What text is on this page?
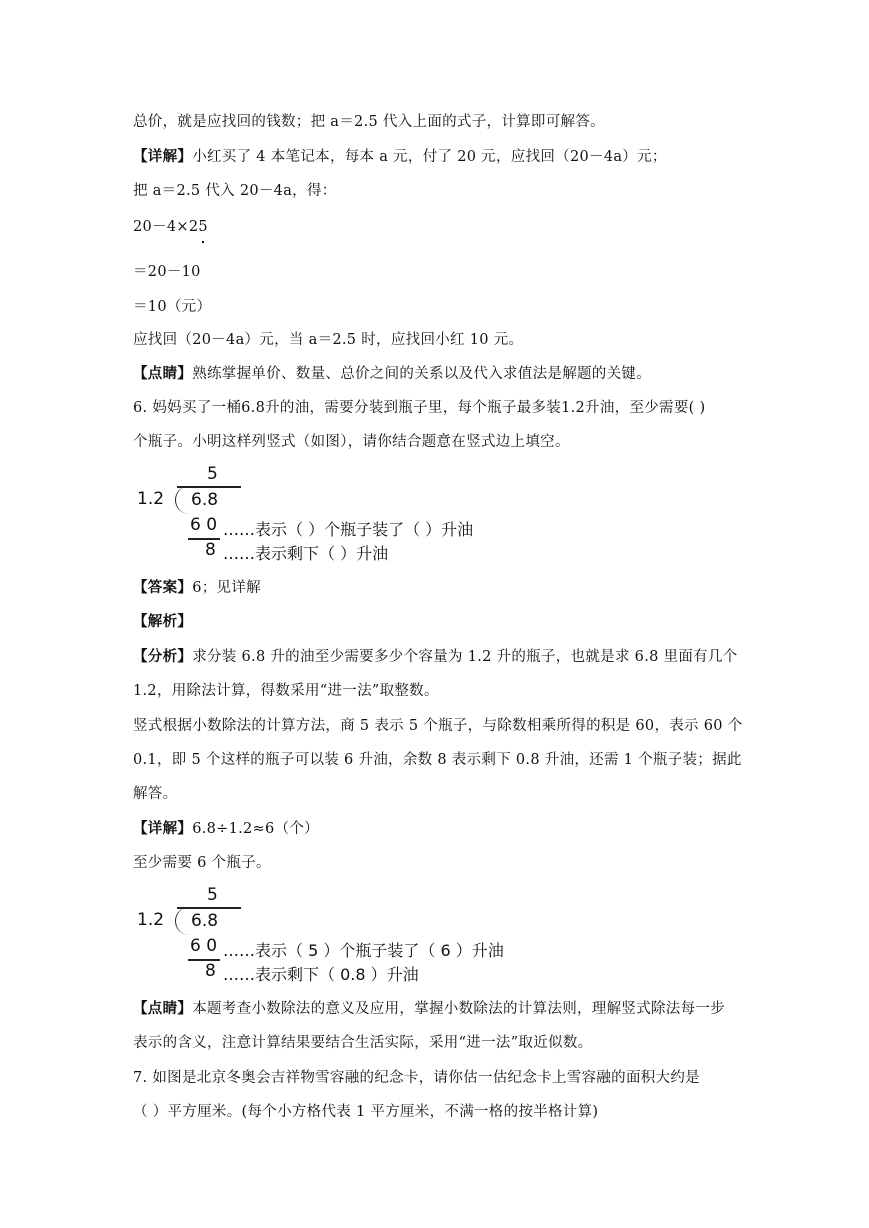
总价，就是应找回的钱数；把 a＝2.5 代入上面的式子，计算即可解答。

【详解】小红买了 4 本笔记本，每本 a 元，付了 20 元，应找回（20－4a）元；

把 a＝2.5 代入 20－4a，得：

20－4×25

＝20－10

＝10（元）

应找回（20－4a）元，当 a＝2.5 时，应找回小红 10 元。

【点睛】熟练掌握单价、数量、总价之间的关系以及代入求值法是解题的关键。

6. 妈妈买了一桶6.8升的油，需要分装到瓶子里，每个瓶子最多装1.2升油，至少需要( )

个瓶子。小明这样列竖式（如图），请你结合题意在竖式边上填空。

5
1.2 6.8
6 0 ……表示（ ）个瓶子装了（ ）升油
8 ……表示剩下（ ）升油

【答案】6；见详解

【解析】

【分析】求分装 6.8 升的油至少需要多少个容量为 1.2 升的瓶子，也就是求 6.8 里面有几个

1.2，用除法计算，得数采用“进一法”取整数。

竖式根据小数除法的计算方法，商 5 表示 5 个瓶子，与除数相乘所得的积是 60，表示 60 个

0.1，即 5 个这样的瓶子可以装 6 升油，余数 8 表示剩下 0.8 升油，还需 1 个瓶子装；据此

解答。

【详解】6.8÷1.2≈6（个）

至少需要 6 个瓶子。

5
1.2 6.8
6 0 ……表示（ 5 ）个瓶子装了（ 6 ）升油
8 ……表示剩下（ 0.8 ）升油

【点睛】本题考查小数除法的意义及应用，掌握小数除法的计算法则，理解竖式除法每一步

表示的含义，注意计算结果要结合生活实际，采用“进一法”取近似数。

7. 如图是北京冬奥会吉祥物雪容融的纪念卡，请你估一估纪念卡上雪容融的面积大约是

（ ）平方厘米。(每个小方格代表 1 平方厘米，不满一格的按半格计算)
